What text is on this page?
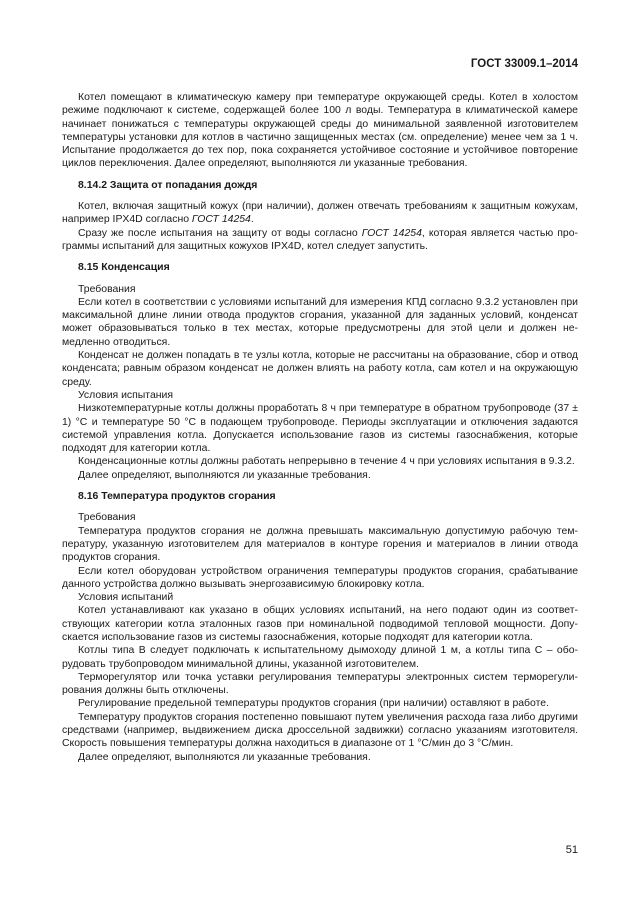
ГОСТ 33009.1–2014

Котел помещают в климатическую камеру при температуре окружающей среды. Котел в холостом режиме подключают к системе, содержащей более 100 л воды. Температура в климатической камере начинает понижаться с температуры окружающей среды до минимальной заявленной изготовителем температуры установки для котлов в частично защищенных местах (см. определение) менее чем за 1 ч. Испытание продолжается до тех пор, пока сохраняется устойчивое состояние и устойчивое повторение циклов переключения. Далее определяют, выполняются ли указанные требования.

8.14.2 Защита от попадания дождя

Котел, включая защитный кожух (при наличии), должен отвечать требованиям к защитным кожухам, например IPX4D согласно ГОСТ 14254.

Сразу же после испытания на защиту от воды согласно ГОСТ 14254, которая является частью программы испытаний для защитных кожухов IPX4D, котел следует запустить.

8.15 Конденсация

Требования

Если котел в соответствии с условиями испытаний для измерения КПД согласно 9.3.2 установлен при максимальной длине линии отвода продуктов сгорания, указанной для заданных условий, конденсат может образовываться только в тех местах, которые предусмотрены для этой цели и должен немедленно отводиться.

Конденсат не должен попадать в те узлы котла, которые не рассчитаны на образование, сбор и отвод конденсата; равным образом конденсат не должен влиять на работу котла, сам котел и на окружающую среду.

Условия испытания

Низкотемпературные котлы должны проработать 8 ч при температуре в обратном трубопроводе (37 ± 1) °С и температуре 50 °С в подающем трубопроводе. Периоды эксплуатации и отключения задаются системой управления котла. Допускается использование газов из системы газоснабжения, которые подходят для категории котла.

Конденсационные котлы должны работать непрерывно в течение 4 ч при условиях испытания в 9.3.2.

Далее определяют, выполняются ли указанные требования.

8.16 Температура продуктов сгорания

Требования

Температура продуктов сгорания не должна превышать максимальную допустимую рабочую температуру, указанную изготовителем для материалов в контуре горения и материалов в линии отвода продуктов сгорания.

Если котел оборудован устройством ограничения температуры продуктов сгорания, срабатывание данного устройства должно вызывать энергозависимую блокировку котла.

Условия испытаний

Котел устанавливают как указано в общих условиях испытаний, на него подают один из соответствующих категории котла эталонных газов при номинальной подводимой тепловой мощности. Допускается использование газов из системы газоснабжения, которые подходят для категории котла.

Котлы типа В следует подключать к испытательному дымоходу длиной 1 м, а котлы типа С – оборудовать трубопроводом минимальной длины, указанной изготовителем.

Терморегулятор или точка уставки регулирования температуры электронных систем терморегулирования должны быть отключены.

Регулирование предельной температуры продуктов сгорания (при наличии) оставляют в работе.

Температуру продуктов сгорания постепенно повышают путем увеличения расхода газа либо другими средствами (например, выдвижением диска дроссельной задвижки) согласно указаниям изготовителя. Скорость повышения температуры должна находиться в диапазоне от 1 °С/мин до 3 °С/мин.

Далее определяют, выполняются ли указанные требования.

51
